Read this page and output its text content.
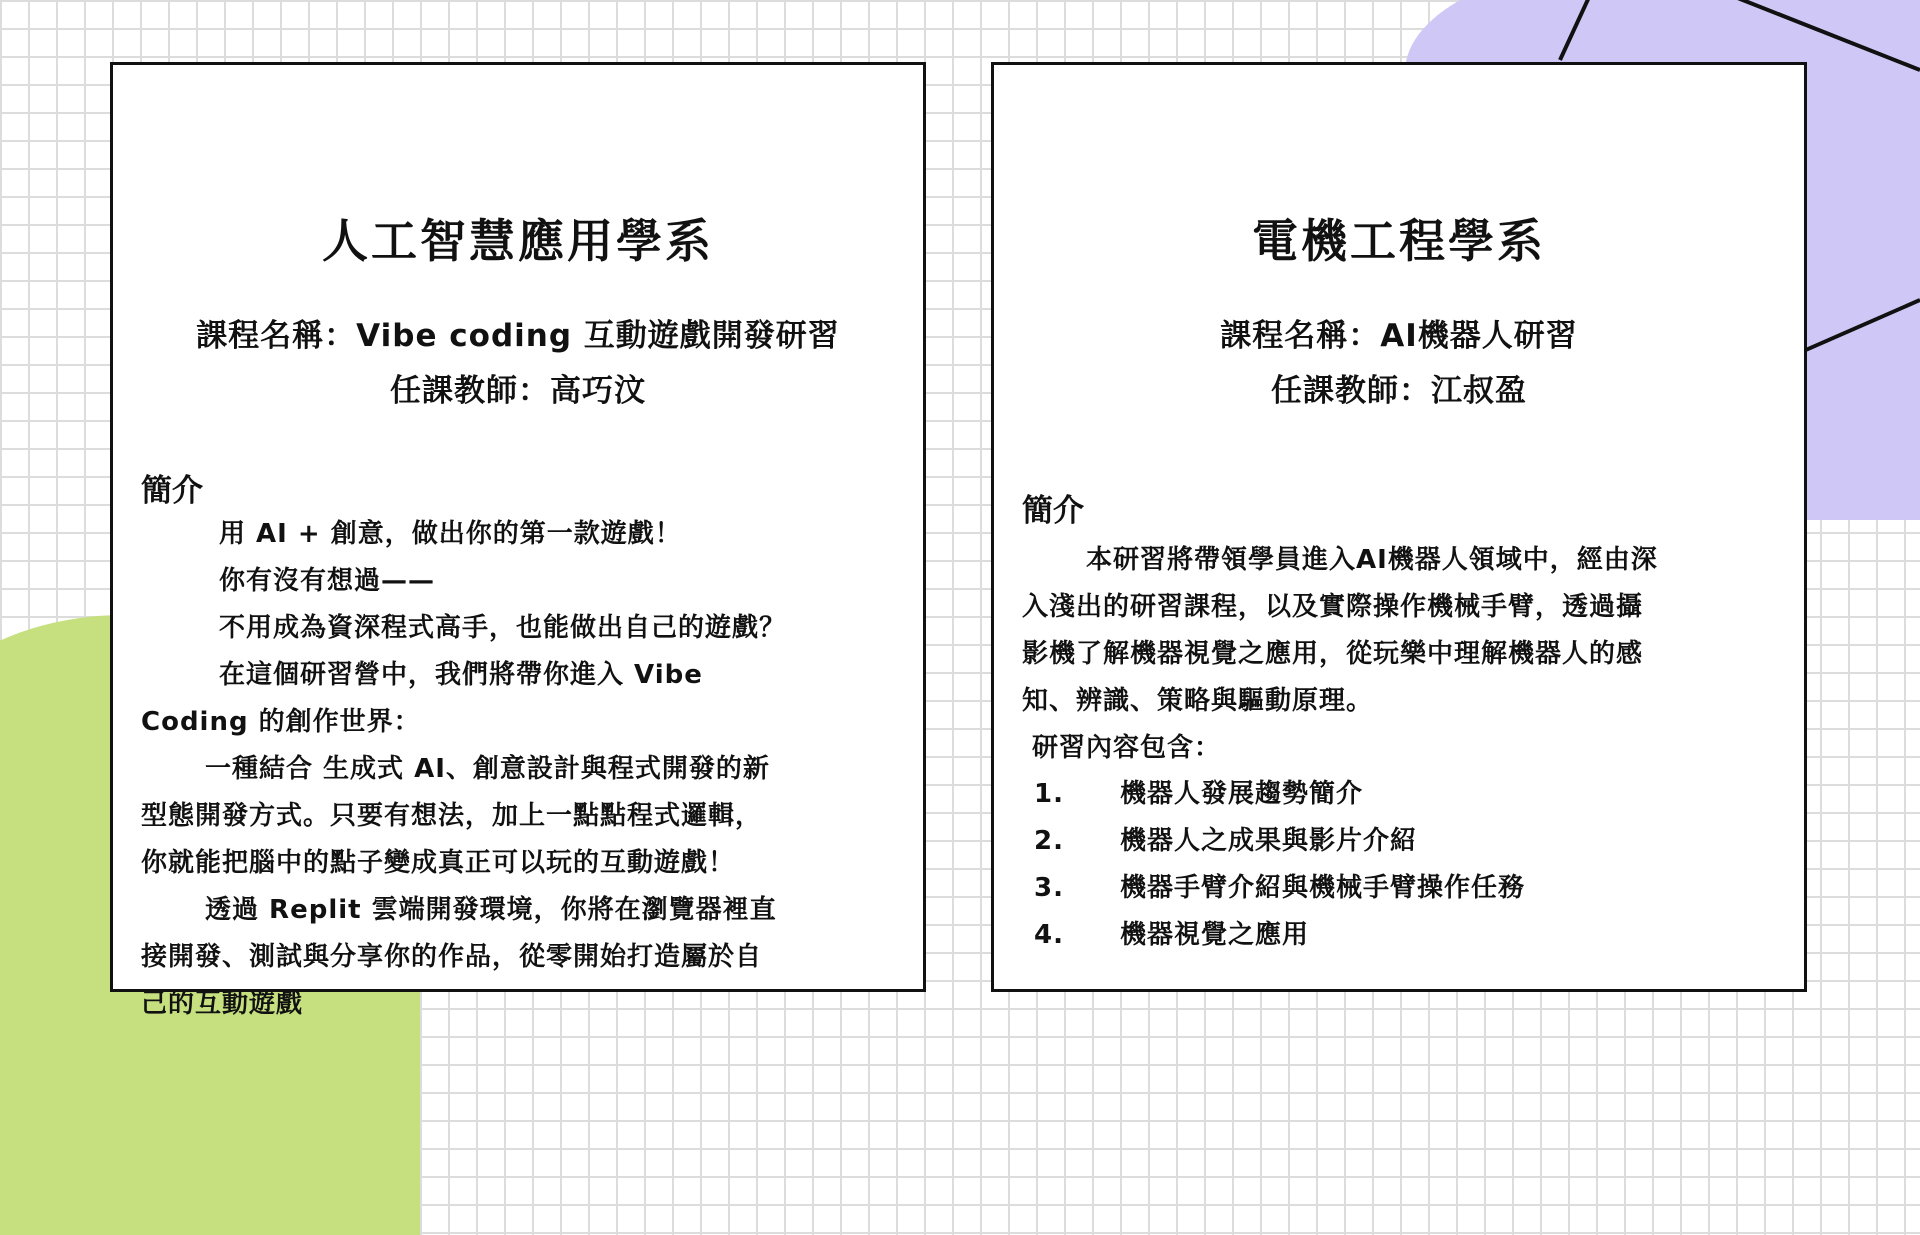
人工智慧應用學系
課程名稱：Vibe coding 互動遊戲開發研習
任課教師：高巧汶
簡介

用 AI + 創意，做出你的第一款遊戲！

你有沒有想過——

不用成為資深程式高手，也能做出自己的遊戲？

在這個研習營中，我們將帶你進入 Vibe

Coding 的創作世界：

一種結合 生成式 AI、創意設計與程式開發的新

型態開發方式。只要有想法，加上一點點程式邏輯，

你就能把腦中的點子變成真正可以玩的互動遊戲！

透過 Replit 雲端開發環境，你將在瀏覽器裡直

接開發、測試與分享你的作品，從零開始打造屬於自

己的互動遊戲

電機工程學系
課程名稱：AI機器人研習
任課教師：江叔盈
簡介

本研習將帶領學員進入AI機器人領域中，經由深

入淺出的研習課程，以及實際操作機械手臂，透過攝

影機了解機器視覺之應用，從玩樂中理解機器人的感

知、辨識、策略與驅動原理。

研習內容包含：

1.	機器人發展趨勢簡介
2.	機器人之成果與影片介紹
3.	機器手臂介紹與機械手臂操作任務
4.	機器視覺之應用
